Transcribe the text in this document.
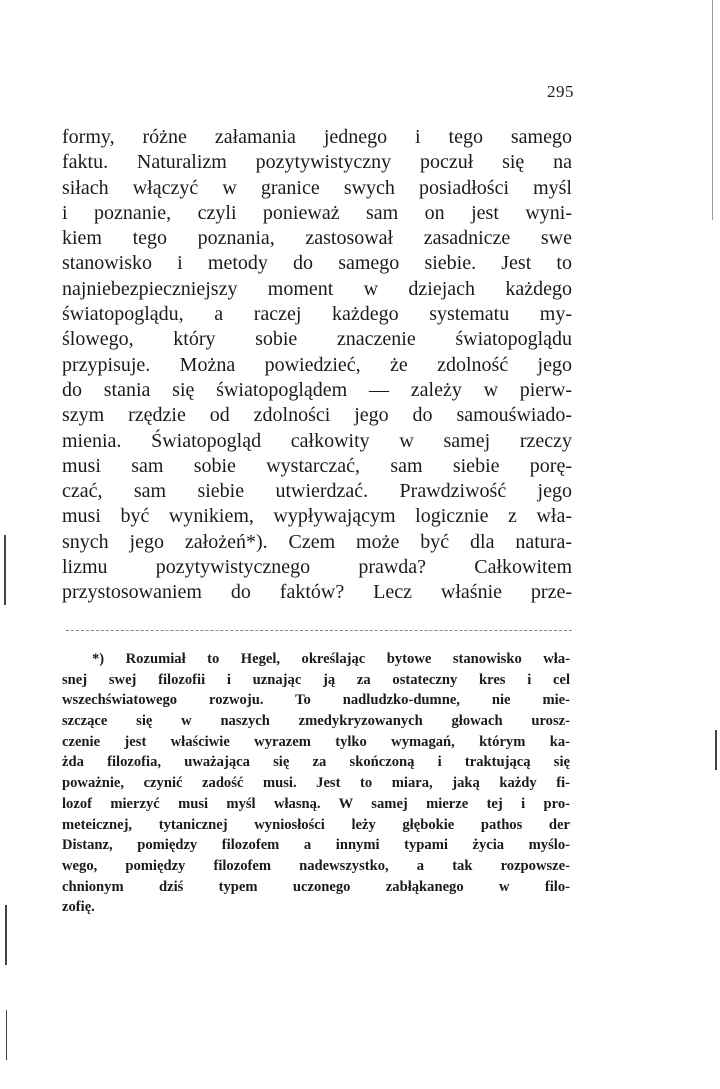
295
formy, różne załamania jednego i tego samego
faktu. Naturalizm pozytywistyczny poczuł się na
siłach włączyć w granice swych posiadłości myśl
i poznanie, czyli ponieważ sam on jest wyni-
kiem tego poznania, zastosował zasadnicze swe
stanowisko i metody do samego siebie. Jest to
najniebezpieczniejszy moment w dziejach każdego
światopoglądu, a raczej każdego systematu my-
ślowego, który sobie znaczenie światopoglądu
przypisuje. Można powiedzieć, że zdolność jego
do stania się światopoglądem — zależy w pierw-
szym rzędzie od zdolności jego do samouświado-
mienia. Światopogląd całkowity w samej rzeczy
musi sam sobie wystarczać, sam siebie porę-
czać, sam siebie utwierdzać. Prawdziwość jego
musi być wynikiem, wypływającym logicznie z wła-
snych jego założeń*). Czem może być dla natura-
lizmu pozytywistycznego prawda? Całkowitem
przystosowaniem do faktów? Lecz właśnie prze-
*) Rozumiał to Hegel, określając bytowe stanowisko wła-
snej swej filozofii i uznając ją za ostateczny kres i cel
wszechświatowego rozwoju. To nadludzko-dumne, nie mie-
szczące się w naszych zmedykryzowanych głowach urosz-
czenie jest właściwie wyrazem tylko wymagań, którym ka-
żda filozofia, uważająca się za skończoną i traktującą się
poważnie, czynić zadość musi. Jest to miara, jaką każdy fi-
lozof mierzyć musi myśl własną. W samej mierze tej i pro-
meteicznej, tytanicznej wyniosłości leży głębokie pathos der
Distanz, pomiędzy filozofem a innymi typami życia myślo-
wego, pomiędzy filozofem nadewszystko, a tak rozpowsze-
chnionym dziś typem uczonego zabłąkanego w filo-
zofię.
